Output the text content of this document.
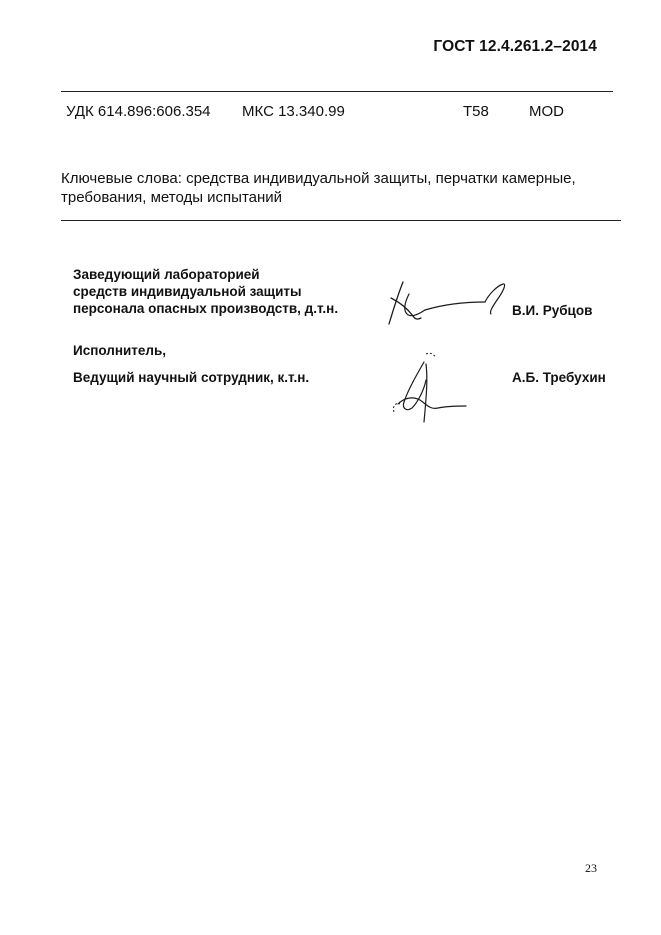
ГОСТ 12.4.261.2–2014
УДК 614.896:606.354 МКС 13.340.99	Т58	MOD
Ключевые слова: средства индивидуальной защиты, перчатки камерные, требования, методы испытаний
Заведующий лабораторией
средств индивидуальной защиты
персонала опасных производств, д.т.н.	В.И. Рубцов
Исполнитель,
Ведущий научный сотрудник, к.т.н.	А.Б. Требухин
23
